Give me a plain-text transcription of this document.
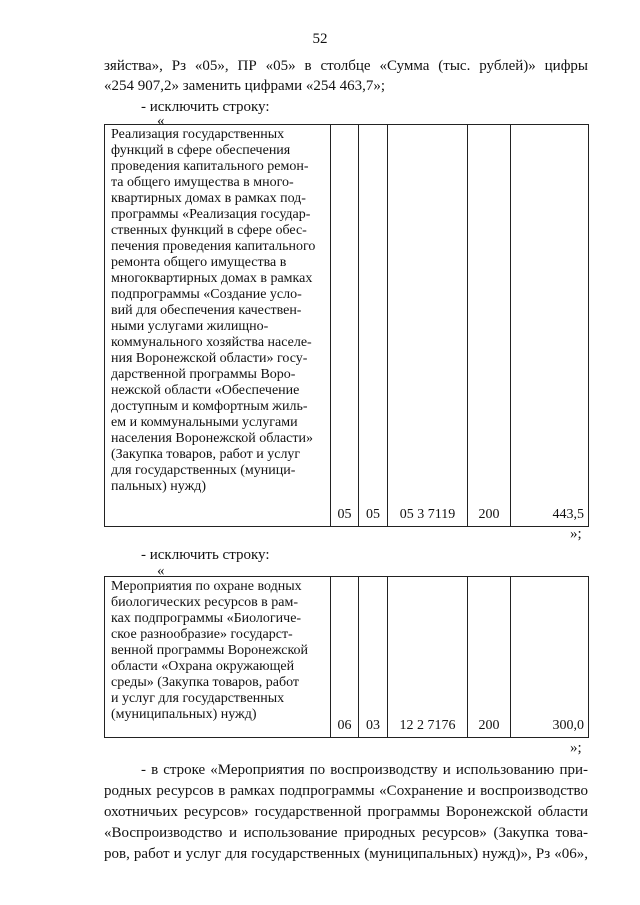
52
зяйства», Рз «05», ПР «05» в столбце «Сумма (тыс. рублей)» цифры
«254 907,2» заменить цифрами «254 463,7»;
- исключить строку:
«
Реализация государственных
функций в сфере обеспечения
проведения капитального ремон-
та общего имущества в много-
квартирных домах в рамках под-
программы «Реализация государ-
ственных функций в сфере обес-
печения проведения капитального
ремонта общего имущества в
многоквартирных домах в рамках
подпрограммы «Создание усло-
вий для обеспечения качествен-
ными услугами жилищно-
коммунального хозяйства населе-
ния Воронежской области» госу-
дарственной программы Воро-
нежской области «Обеспечение
доступным и комфортным жиль-
ем и коммунальными услугами
населения Воронежской области»
(Закупка товаров, работ и услуг
для государственных (муници-
пальных) нужд)
	05	05	05 3 7119	200	443,5
»;
- исключить строку:
«
Мероприятия по охране водных
биологических ресурсов в рам-
ках подпрограммы «Биологиче-
ское разнообразие» государст-
венной программы Воронежской
области «Охрана окружающей
среды» (Закупка товаров, работ
и услуг для государственных
(муниципальных) нужд)
	06	03	12 2 7176	200	300,0
»;
- в строке «Мероприятия по воспроизводству и использованию при-
родных ресурсов в рамках подпрограммы «Сохранение и воспроизводство
охотничьих ресурсов» государственной программы Воронежской области
«Воспроизводство и использование природных ресурсов» (Закупка това-
ров, работ и услуг для государственных (муниципальных) нужд)», Рз «06»,
